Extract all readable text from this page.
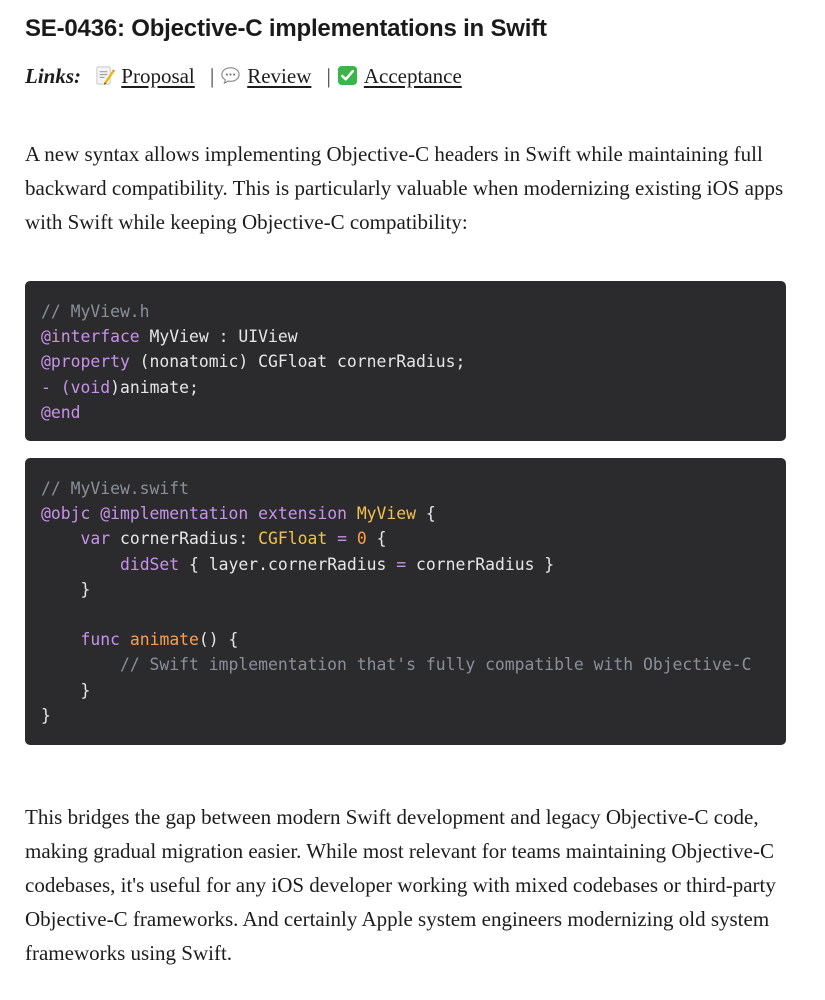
SE-0436: Objective-C implementations in Swift
Links: Proposal | Review | Acceptance

A new syntax allows implementing Objective-C headers in Swift while maintaining full backward compatibility. This is particularly valuable when modernizing existing iOS apps with Swift while keeping Objective-C compatibility:

// MyView.h
@interface MyView : UIView
@property (nonatomic) CGFloat cornerRadius;
- (void)animate;
@end
// MyView.swift
@objc @implementation extension MyView {
var cornerRadius: CGFloat = 0 {
didSet { layer.cornerRadius = cornerRadius }
}
func animate() {
// Swift implementation that's fully compatible with Objective-C
}
}

This bridges the gap between modern Swift development and legacy Objective-C code, making gradual migration easier. While most relevant for teams maintaining Objective-C codebases, it's useful for any iOS developer working with mixed codebases or third-party Objective-C frameworks. And certainly Apple system engineers modernizing old system frameworks using Swift.
